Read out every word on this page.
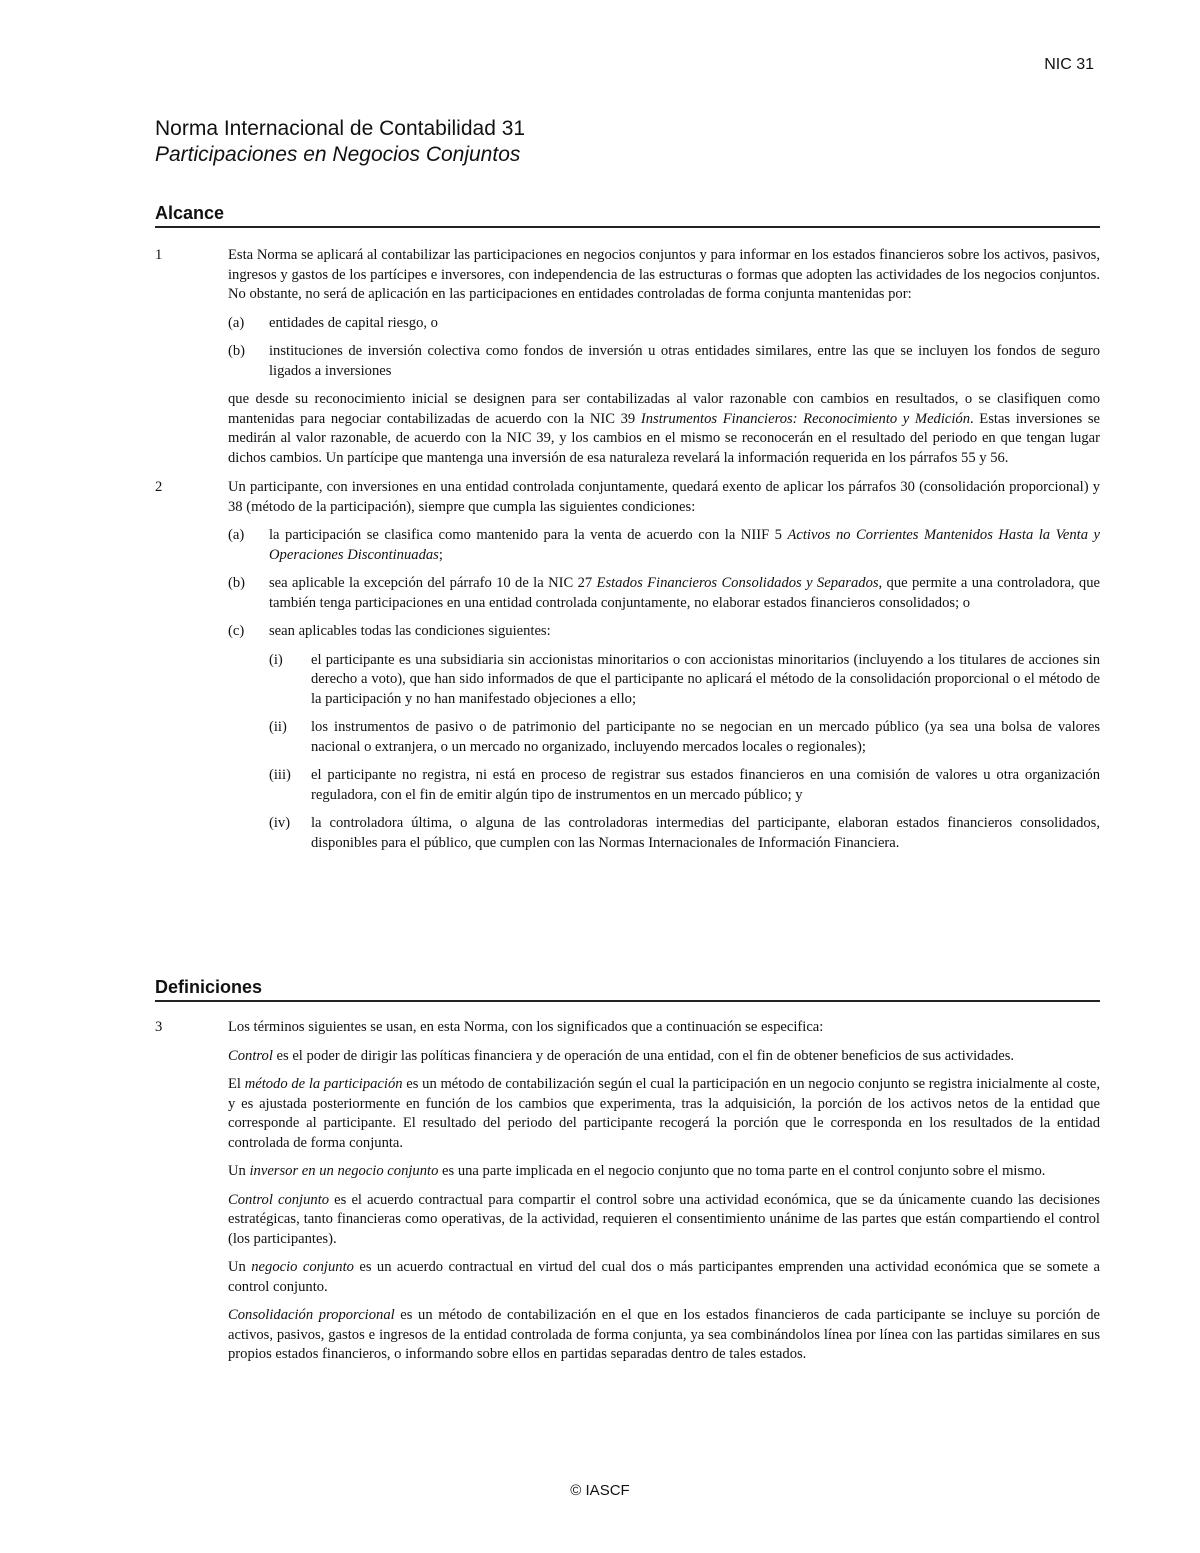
NIC 31
Norma Internacional de Contabilidad 31
Participaciones en Negocios Conjuntos
Alcance
1	Esta Norma se aplicará al contabilizar las participaciones en negocios conjuntos y para informar en los estados financieros sobre los activos, pasivos, ingresos y gastos de los partícipes e inversores, con independencia de las estructuras o formas que adopten las actividades de los negocios conjuntos. No obstante, no será de aplicación en las participaciones en entidades controladas de forma conjunta mantenidas por:
(a) entidades de capital riesgo, o
(b) instituciones de inversión colectiva como fondos de inversión u otras entidades similares, entre las que se incluyen los fondos de seguro ligados a inversiones
que desde su reconocimiento inicial se designen para ser contabilizadas al valor razonable con cambios en resultados, o se clasifiquen como mantenidas para negociar contabilizadas de acuerdo con la NIC 39 Instrumentos Financieros: Reconocimiento y Medición. Estas inversiones se medirán al valor razonable, de acuerdo con la NIC 39, y los cambios en el mismo se reconocerán en el resultado del periodo en que tengan lugar dichos cambios. Un partícipe que mantenga una inversión de esa naturaleza revelará la información requerida en los párrafos 55 y 56.
2	Un participante, con inversiones en una entidad controlada conjuntamente, quedará exento de aplicar los párrafos 30 (consolidación proporcional) y 38 (método de la participación), siempre que cumpla las siguientes condiciones:
(a) la participación se clasifica como mantenido para la venta de acuerdo con la NIIF 5 Activos no Corrientes Mantenidos Hasta la Venta y Operaciones Discontinuadas;
(b) sea aplicable la excepción del párrafo 10 de la NIC 27 Estados Financieros Consolidados y Separados, que permite a una controladora, que también tenga participaciones en una entidad controlada conjuntamente, no elaborar estados financieros consolidados; o
(c) sean aplicables todas las condiciones siguientes:
(i) el participante es una subsidiaria sin accionistas minoritarios o con accionistas minoritarios (incluyendo a los titulares de acciones sin derecho a voto), que han sido informados de que el participante no aplicará el método de la consolidación proporcional o el método de la participación y no han manifestado objeciones a ello;
(ii) los instrumentos de pasivo o de patrimonio del participante no se negocian en un mercado público (ya sea una bolsa de valores nacional o extranjera, o un mercado no organizado, incluyendo mercados locales o regionales);
(iii) el participante no registra, ni está en proceso de registrar sus estados financieros en una comisión de valores u otra organización reguladora, con el fin de emitir algún tipo de instrumentos en un mercado público; y
(iv) la controladora última, o alguna de las controladoras intermedias del participante, elaboran estados financieros consolidados, disponibles para el público, que cumplen con las Normas Internacionales de Información Financiera.
Definiciones
3	Los términos siguientes se usan, en esta Norma, con los significados que a continuación se especifica:
Control es el poder de dirigir las políticas financiera y de operación de una entidad, con el fin de obtener beneficios de sus actividades.
El método de la participación es un método de contabilización según el cual la participación en un negocio conjunto se registra inicialmente al coste, y es ajustada posteriormente en función de los cambios que experimenta, tras la adquisición, la porción de los activos netos de la entidad que corresponde al participante. El resultado del periodo del participante recogerá la porción que le corresponda en los resultados de la entidad controlada de forma conjunta.
Un inversor en un negocio conjunto es una parte implicada en el negocio conjunto que no toma parte en el control conjunto sobre el mismo.
Control conjunto es el acuerdo contractual para compartir el control sobre una actividad económica, que se da únicamente cuando las decisiones estratégicas, tanto financieras como operativas, de la actividad, requieren el consentimiento unánime de las partes que están compartiendo el control (los participantes).
Un negocio conjunto es un acuerdo contractual en virtud del cual dos o más participantes emprenden una actividad económica que se somete a control conjunto.
Consolidación proporcional es un método de contabilización en el que en los estados financieros de cada participante se incluye su porción de activos, pasivos, gastos e ingresos de la entidad controlada de forma conjunta, ya sea combinándolos línea por línea con las partidas similares en sus propios estados financieros, o informando sobre ellos en partidas separadas dentro de tales estados.
© IASCF
